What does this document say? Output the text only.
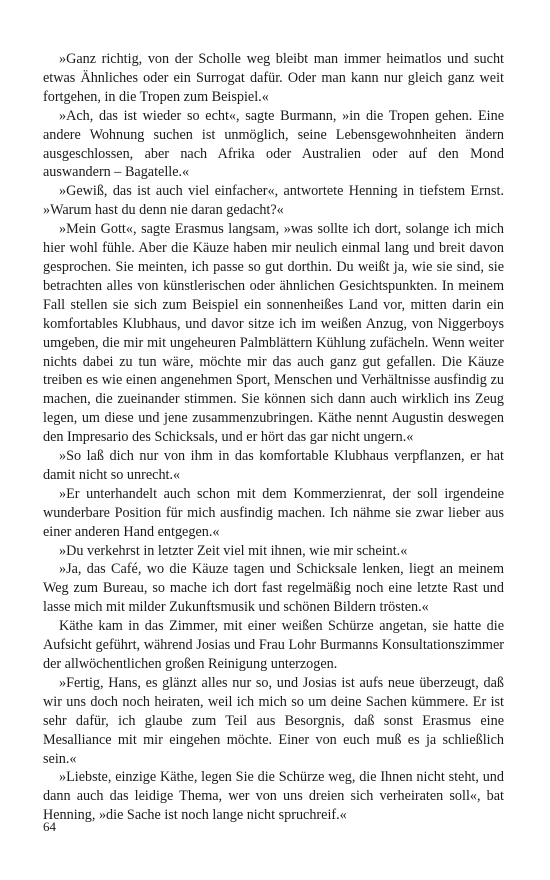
»Ganz richtig, von der Scholle weg bleibt man immer heimatlos und sucht etwas Ähnliches oder ein Surrogat dafür. Oder man kann nur gleich ganz weit fortgehen, in die Tropen zum Beispiel.«

»Ach, das ist wieder so echt«, sagte Burmann, »in die Tropen gehen. Eine andere Wohnung suchen ist unmöglich, seine Lebensgewohnheiten ändern ausgeschlossen, aber nach Afrika oder Australien oder auf den Mond auswandern – Bagatelle.«

»Gewiß, das ist auch viel einfacher«, antwortete Henning in tiefstem Ernst. »Warum hast du denn nie daran gedacht?«

»Mein Gott«, sagte Erasmus langsam, »was sollte ich dort, solange ich mich hier wohl fühle. Aber die Käuze haben mir neulich einmal lang und breit davon gesprochen. Sie meinten, ich passe so gut dorthin. Du weißt ja, wie sie sind, sie betrachten alles von künstlerischen oder ähnlichen Gesichtspunkten. In meinem Fall stellen sie sich zum Beispiel ein sonnenheißes Land vor, mitten darin ein komfortables Klubhaus, und davor sitze ich im weißen Anzug, von Niggerboys umgeben, die mir mit ungeheuren Palmblättern Kühlung zufächeln. Wenn weiter nichts dabei zu tun wäre, möchte mir das auch ganz gut gefallen. Die Käuze treiben es wie einen angenehmen Sport, Menschen und Verhältnisse ausfindig zu machen, die zueinander stimmen. Sie können sich dann auch wirklich ins Zeug legen, um diese und jene zusammenzubringen. Käthe nennt Augustin deswegen den Impresario des Schicksals, und er hört das gar nicht ungern.«

»So laß dich nur von ihm in das komfortable Klubhaus verpflanzen, er hat damit nicht so unrecht.«

»Er unterhandelt auch schon mit dem Kommerzienrat, der soll irgendeine wunderbare Position für mich ausfindig machen. Ich nähme sie zwar lieber aus einer anderen Hand entgegen.«

»Du verkehrst in letzter Zeit viel mit ihnen, wie mir scheint.«

»Ja, das Café, wo die Käuze tagen und Schicksale lenken, liegt an meinem Weg zum Bureau, so mache ich dort fast regelmäßig noch eine letzte Rast und lasse mich mit milder Zukunftsmusik und schönen Bildern trösten.«

Käthe kam in das Zimmer, mit einer weißen Schürze angetan, sie hatte die Aufsicht geführt, während Josias und Frau Lohr Burmanns Konsultationszimmer der allwöchentlichen großen Reinigung unterzogen.

»Fertig, Hans, es glänzt alles nur so, und Josias ist aufs neue überzeugt, daß wir uns doch noch heiraten, weil ich mich so um deine Sachen kümmere. Er ist sehr dafür, ich glaube zum Teil aus Besorgnis, daß sonst Erasmus eine Mesalliance mit mir eingehen möchte. Einer von euch muß es ja schließlich sein.«

»Liebste, einzige Käthe, legen Sie die Schürze weg, die Ihnen nicht steht, und dann auch das leidige Thema, wer von uns dreien sich verheiraten soll«, bat Henning, »die Sache ist noch lange nicht spruchreif.«

64
